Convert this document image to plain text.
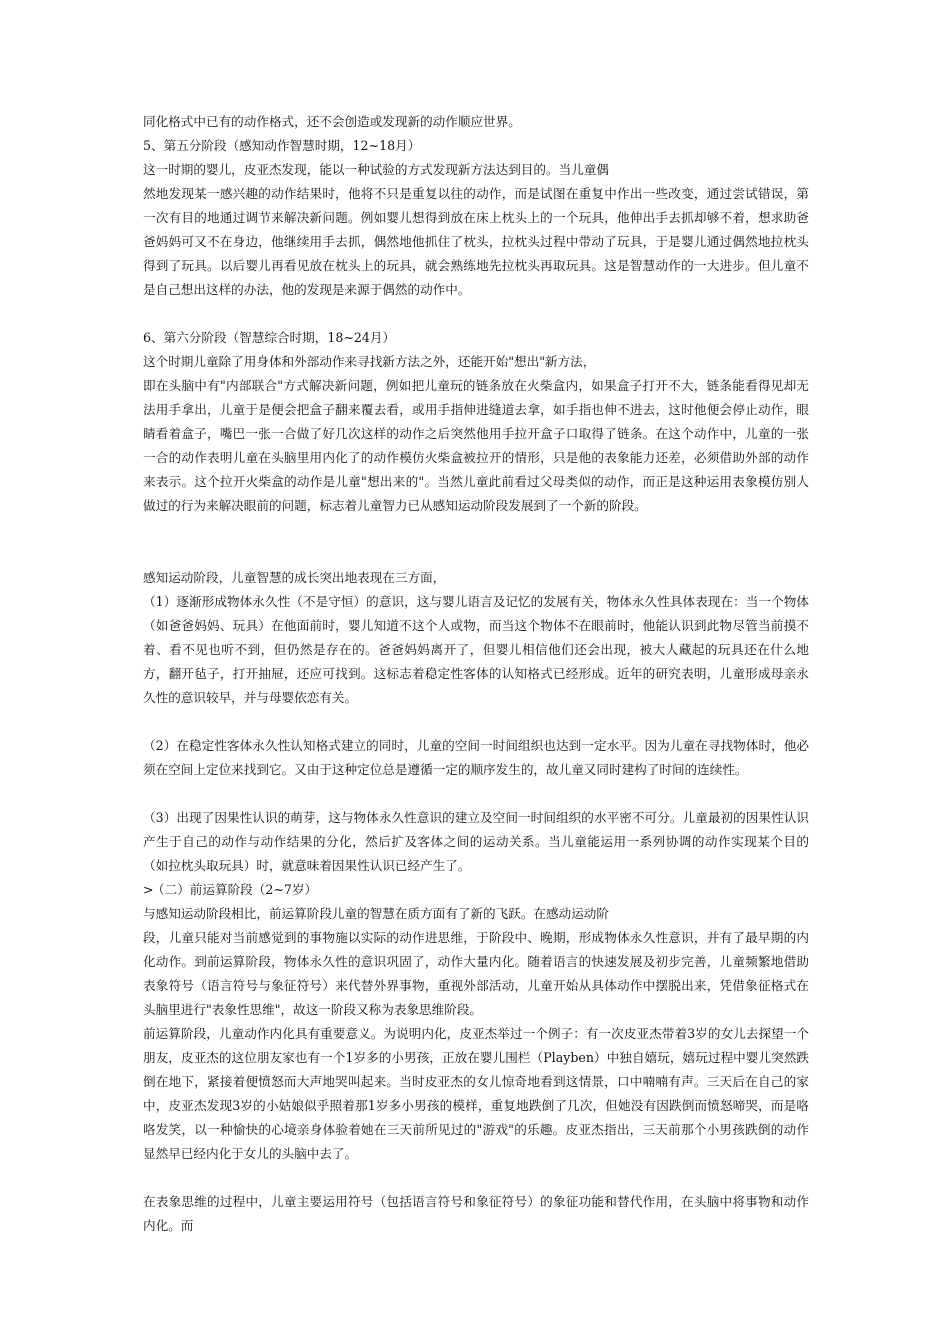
同化格式中已有的动作格式，还不会创造或发现新的动作顺应世界。

5、第五分阶段（感知动作智慧时期，12~18月）

这一时期的婴儿，皮亚杰发现，能以一种试验的方式发现新方法达到目的。当儿童偶

然地发现某一感兴趣的动作结果时，他将不只是重复以往的动作，而是试图在重复中作出一些改变，通过尝试错误，第一次有目的地通过调节来解决新问题。例如婴儿想得到放在床上枕头上的一个玩具，他伸出手去抓却够不着，想求助爸爸妈妈可又不在身边，他继续用手去抓，偶然地他抓住了枕头，拉枕头过程中带动了玩具，于是婴儿通过偶然地拉枕头得到了玩具。以后婴儿再看见放在枕头上的玩具，就会熟练地先拉枕头再取玩具。这是智慧动作的一大进步。但儿童不是自己想出这样的办法，他的发现是来源于偶然的动作中。

6、第六分阶段（智慧综合时期，18~24月）

这个时期儿童除了用身体和外部动作来寻找新方法之外，还能开始"想出"新方法，

即在头脑中有"内部联合"方式解决新问题，例如把儿童玩的链条放在火柴盒内，如果盒子打开不大，链条能看得见却无法用手拿出，儿童于是便会把盒子翻来覆去看，或用手指伸进缝道去拿，如手指也伸不进去，这时他便会停止动作，眼睛看着盒子，嘴巴一张一合做了好几次这样的动作之后突然他用手拉开盒子口取得了链条。在这个动作中，儿童的一张一合的动作表明儿童在头脑里用内化了的动作模仿火柴盒被拉开的情形，只是他的表象能力还差，必须借助外部的动作来表示。这个拉开火柴盒的动作是儿童"想出来的"。当然儿童此前看过父母类似的动作，而正是这种运用表象模仿别人做过的行为来解决眼前的问题，标志着儿童智力已从感知运动阶段发展到了一个新的阶段。

感知运动阶段，儿童智慧的成长突出地表现在三方面，

（1）逐渐形成物体永久性（不是守恒）的意识，这与婴儿语言及记忆的发展有关，物体永久性具体表现在：当一个物体（如爸爸妈妈、玩具）在他面前时，婴儿知道不这个人或物，而当这个物体不在眼前时，他能认识到此物尽管当前摸不着、看不见也听不到，但仍然是存在的。爸爸妈妈离开了，但婴儿相信他们还会出现，被大人藏起的玩具还在什么地方，翻开毡子，打开抽屉，还应可找到。这标志着稳定性客体的认知格式已经形成。近年的研究表明，儿童形成母亲永久性的意识较早，并与母婴依恋有关。

（2）在稳定性客体永久性认知格式建立的同时，儿童的空间一时间组织也达到一定水平。因为儿童在寻找物体时，他必须在空间上定位来找到它。又由于这种定位总是遵循一定的顺序发生的，故儿童又同时建构了时间的连续性。

（3）出现了因果性认识的萌芽，这与物体永久性意识的建立及空间一时间组织的水平密不可分。儿童最初的因果性认识产生于自己的动作与动作结果的分化，然后扩及客体之间的运动关系。当儿童能运用一系列协调的动作实现某个目的（如拉枕头取玩具）时，就意味着因果性认识已经产生了。

>（二）前运算阶段（2~7岁）

与感知运动阶段相比，前运算阶段儿童的智慧在质方面有了新的飞跃。在感动运动阶

段，儿童只能对当前感觉到的事物施以实际的动作进思维，于阶段中、晚期，形成物体永久性意识，并有了最早期的内化动作。到前运算阶段，物体永久性的意识巩固了，动作大量内化。随着语言的快速发展及初步完善，儿童频繁地借助表象符号（语言符号与象征符号）来代替外界事物，重视外部活动，儿童开始从具体动作中摆脱出来，凭借象征格式在头脑里进行"表象性思维"，故这一阶段又称为表象思维阶段。

前运算阶段，儿童动作内化具有重要意义。为说明内化，皮亚杰举过一个例子：有一次皮亚杰带着3岁的女儿去探望一个朋友，皮亚杰的这位朋友家也有一个1岁多的小男孩，正放在婴儿围栏（Playben）中独自嬉玩，嬉玩过程中婴儿突然跌倒在地下，紧接着便愤怒而大声地哭叫起来。当时皮亚杰的女儿惊奇地看到这情景，口中喃喃有声。三天后在自己的家中，皮亚杰发现3岁的小姑娘似乎照着那1岁多小男孩的模样，重复地跌倒了几次，但她没有因跌倒而愤怒啼哭，而是咯咯发笑，以一种愉快的心境亲身体验着她在三天前所见过的"游戏"的乐趣。皮亚杰指出，三天前那个小男孩跌倒的动作显然早已经内化于女儿的头脑中去了。

在表象思维的过程中，儿童主要运用符号（包括语言符号和象征符号）的象征功能和替代作用，在头脑中将事物和动作内化。而
